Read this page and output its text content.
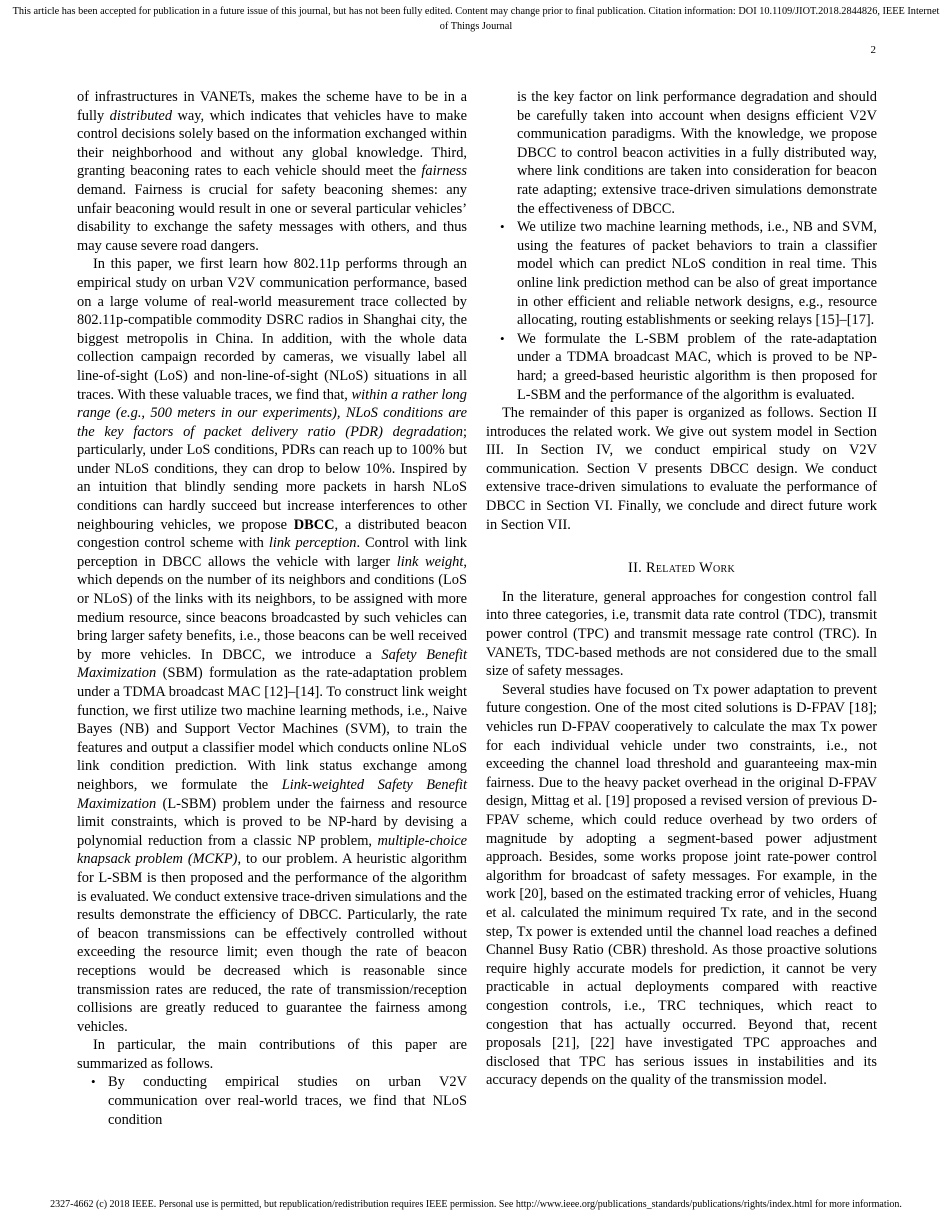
This article has been accepted for publication in a future issue of this journal, but has not been fully edited. Content may change prior to final publication. Citation information: DOI 10.1109/JIOT.2018.2844826, IEEE Internet of Things Journal
2

of infrastructures in VANETs, makes the scheme have to be in a fully distributed way, which indicates that vehicles have to make control decisions solely based on the information exchanged within their neighborhood and without any global knowledge. Third, granting beaconing rates to each vehicle should meet the fairness demand. Fairness is crucial for safety beaconing shemes: any unfair beaconing would result in one or several particular vehicles’ disability to exchange the safety messages with others, and thus may cause severe road dangers.

In this paper, we first learn how 802.11p performs through an empirical study on urban V2V communication performance, based on a large volume of real-world measurement trace collected by 802.11p-compatible commodity DSRC radios in Shanghai city, the biggest metropolis in China. In addition, with the whole data collection campaign recorded by cameras, we visually label all line-of-sight (LoS) and non-line-of-sight (NLoS) situations in all traces. With these valuable traces, we find that, within a rather long range (e.g., 500 meters in our experiments), NLoS conditions are the key factors of packet delivery ratio (PDR) degradation; particularly, under LoS conditions, PDRs can reach up to 100% but under NLoS conditions, they can drop to below 10%. Inspired by an intuition that blindly sending more packets in harsh NLoS conditions can hardly succeed but increase interferences to other neighbouring vehicles, we propose DBCC, a distributed beacon congestion control scheme with link perception. Control with link perception in DBCC allows the vehicle with larger link weight, which depends on the number of its neighbors and conditions (LoS or NLoS) of the links with its neighbors, to be assigned with more medium resource, since beacons broadcasted by such vehicles can bring larger safety benefits, i.e., those beacons can be well received by more vehicles. In DBCC, we introduce a Safety Benefit Maximization (SBM) formulation as the rate-adaptation problem under a TDMA broadcast MAC [12]–[14]. To construct link weight function, we first utilize two machine learning methods, i.e., Naive Bayes (NB) and Support Vector Machines (SVM), to train the features and output a classifier model which conducts online NLoS link condition prediction. With link status exchange among neighbors, we formulate the Link-weighted Safety Benefit Maximization (L-SBM) problem under the fairness and resource limit constraints, which is proved to be NP-hard by devising a polynomial reduction from a classic NP problem, multiple-choice knapsack problem (MCKP), to our problem. A heuristic algorithm for L-SBM is then proposed and the performance of the algorithm is evaluated. We conduct extensive trace-driven simulations and the results demonstrate the efficiency of DBCC. Particularly, the rate of beacon transmissions can be effectively controlled without exceeding the resource limit; even though the rate of beacon receptions would be decreased which is reasonable since transmission rates are reduced, the rate of transmission/reception collisions are greatly reduced to guarantee the fairness among vehicles.

In particular, the main contributions of this paper are summarized as follows.

• By conducting empirical studies on urban V2V communication over real-world traces, we find that NLoS condition
is the key factor on link performance degradation and should be carefully taken into account when designs efficient V2V communication paradigms. With the knowledge, we propose DBCC to control beacon activities in a fully distributed way, where link conditions are taken into consideration for beacon rate adapting; extensive trace-driven simulations demonstrate the effectiveness of DBCC.
• We utilize two machine learning methods, i.e., NB and SVM, using the features of packet behaviors to train a classifier model which can predict NLoS condition in real time. This online link prediction method can be also of great importance in other efficient and reliable network designs, e.g., resource allocating, routing establishments or seeking relays [15]–[17].
• We formulate the L-SBM problem of the rate-adaptation under a TDMA broadcast MAC, which is proved to be NP-hard; a greed-based heuristic algorithm is then proposed for L-SBM and the performance of the algorithm is evaluated.

The remainder of this paper is organized as follows. Section II introduces the related work. We give out system model in Section III. In Section IV, we conduct empirical study on V2V communication. Section V presents DBCC design. We conduct extensive trace-driven simulations to evaluate the performance of DBCC in Section VI. Finally, we conclude and direct future work in Section VII.

II. Related Work

In the literature, general approaches for congestion control fall into three categories, i.e, transmit data rate control (TDC), transmit power control (TPC) and transmit message rate control (TRC). In VANETs, TDC-based methods are not considered due to the small size of safety messages.

Several studies have focused on Tx power adaptation to prevent future congestion. One of the most cited solutions is D-FPAV [18]; vehicles run D-FPAV cooperatively to calculate the max Tx power for each individual vehicle under two constraints, i.e., not exceeding the channel load threshold and guaranteeing max-min fairness. Due to the heavy packet overhead in the original D-FPAV design, Mittag et al. [19] proposed a revised version of previous D-FPAV scheme, which could reduce overhead by two orders of magnitude by adopting a segment-based power adjustment approach. Besides, some works propose joint rate-power control algorithm for broadcast of safety messages. For example, in the work [20], based on the estimated tracking error of vehicles, Huang et al. calculated the minimum required Tx rate, and in the second step, Tx power is extended until the channel load reaches a defined Channel Busy Ratio (CBR) threshold. As those proactive solutions require highly accurate models for prediction, it cannot be very practicable in actual deployments compared with reactive congestion controls, i.e., TRC techniques, which react to congestion that has actually occurred. Beyond that, recent proposals [21], [22] have investigated TPC approaches and disclosed that TPC has serious issues in instabilities and its accuracy depends on the quality of the transmission model.

2327-4662 (c) 2018 IEEE. Personal use is permitted, but republication/redistribution requires IEEE permission. See http://www.ieee.org/publications_standards/publications/rights/index.html for more information.
